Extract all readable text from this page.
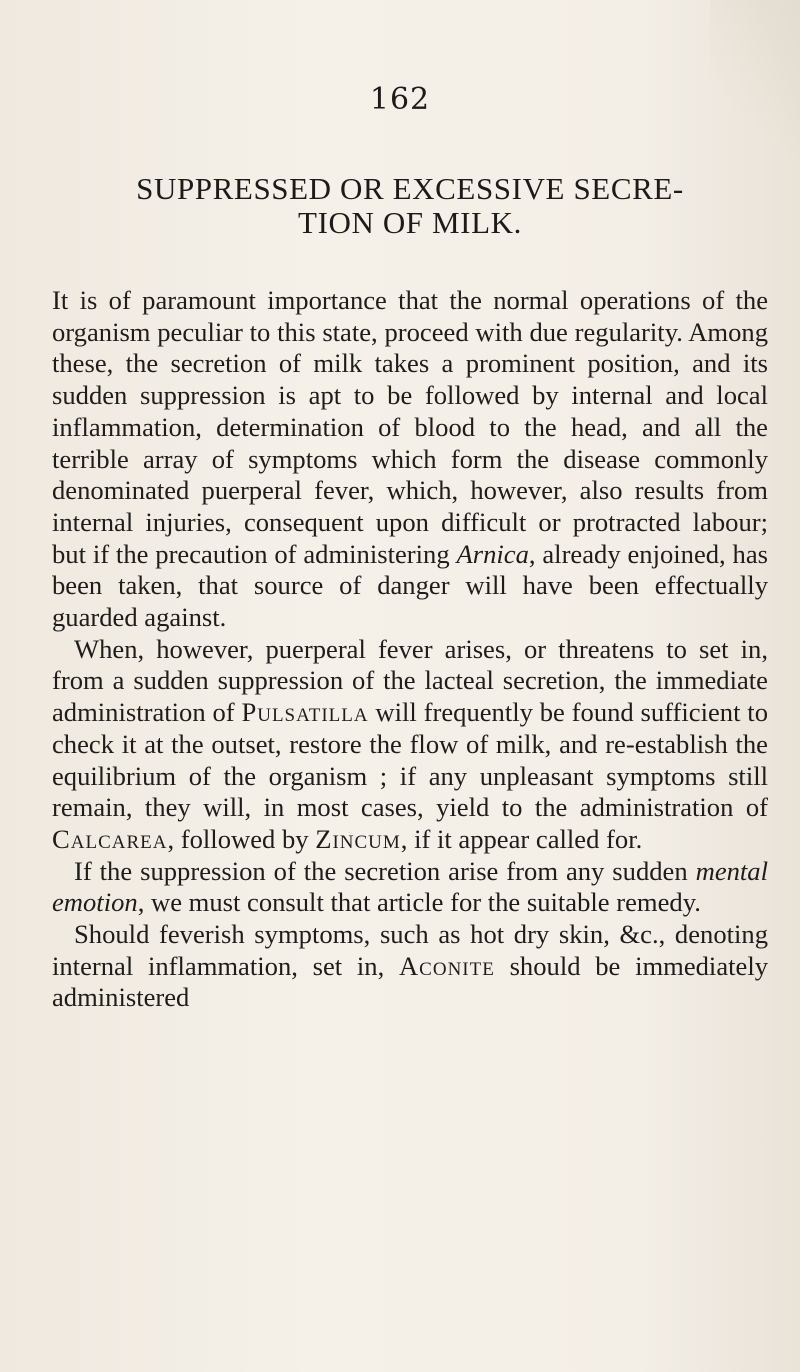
162
SUPPRESSED OR EXCESSIVE SECRE-
TION OF MILK.

It is of paramount importance that the normal operations of the organism peculiar to this state, proceed with due regularity. Among these, the secretion of milk takes a prominent position, and its sudden suppression is apt to be followed by internal and local inflammation, determination of blood to the head, and all the terrible array of symptoms which form the disease commonly denominated puerperal fever, which, however, also results from internal injuries, consequent upon difficult or protracted labour; but if the precaution of administering Arnica, already enjoined, has been taken, that source of danger will have been effectually guarded against.

When, however, puerperal fever arises, or threatens to set in, from a sudden suppression of the lacteal secretion, the immediate administration of Pulsatilla will frequently be found sufficient to check it at the outset, restore the flow of milk, and re-establish the equilibrium of the organism ; if any unpleasant symptoms still remain, they will, in most cases, yield to the administration of Calcarea, followed by Zincum, if it appear called for.

If the suppression of the secretion arise from any sudden mental emotion, we must consult that article for the suitable remedy.

Should feverish symptoms, such as hot dry skin, &c., denoting internal inflammation, set in, Aconite should be immediately administered
